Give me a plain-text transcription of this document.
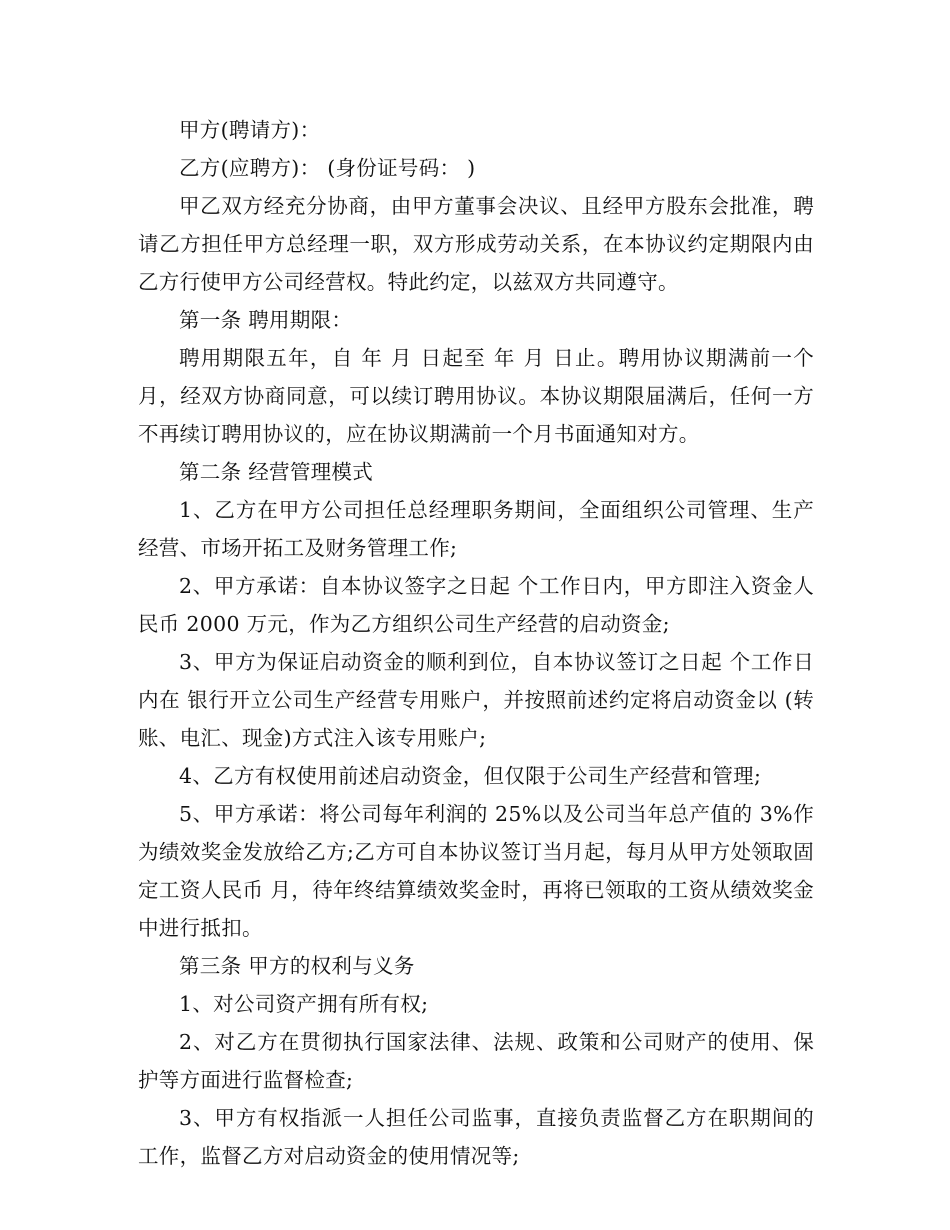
甲方(聘请方)：

乙方(应聘方)： (身份证号码： )

甲乙双方经充分协商，由甲方董事会决议、且经甲方股东会批准，聘请乙方担任甲方总经理一职，双方形成劳动关系，在本协议约定期限内由乙方行使甲方公司经营权。特此约定，以兹双方共同遵守。

第一条 聘用期限：

聘用期限五年，自 年 月 日起至 年 月 日止。聘用协议期满前一个月，经双方协商同意，可以续订聘用协议。本协议期限届满后，任何一方不再续订聘用协议的，应在协议期满前一个月书面通知对方。

第二条 经营管理模式

1、乙方在甲方公司担任总经理职务期间，全面组织公司管理、生产经营、市场开拓工及财务管理工作;

2、甲方承诺：自本协议签字之日起 个工作日内，甲方即注入资金人民币 2000 万元，作为乙方组织公司生产经营的启动资金;

3、甲方为保证启动资金的顺利到位，自本协议签订之日起 个工作日内在 银行开立公司生产经营专用账户，并按照前述约定将启动资金以 (转账、电汇、现金)方式注入该专用账户;

4、乙方有权使用前述启动资金，但仅限于公司生产经营和管理;

5、甲方承诺：将公司每年利润的 25%以及公司当年总产值的 3%作为绩效奖金发放给乙方;乙方可自本协议签订当月起，每月从甲方处领取固定工资人民币 月，待年终结算绩效奖金时，再将已领取的工资从绩效奖金中进行抵扣。

第三条 甲方的权利与义务

1、对公司资产拥有所有权;

2、对乙方在贯彻执行国家法律、法规、政策和公司财产的使用、保护等方面进行监督检查;

3、甲方有权指派一人担任公司监事，直接负责监督乙方在职期间的工作，监督乙方对启动资金的使用情况等;
